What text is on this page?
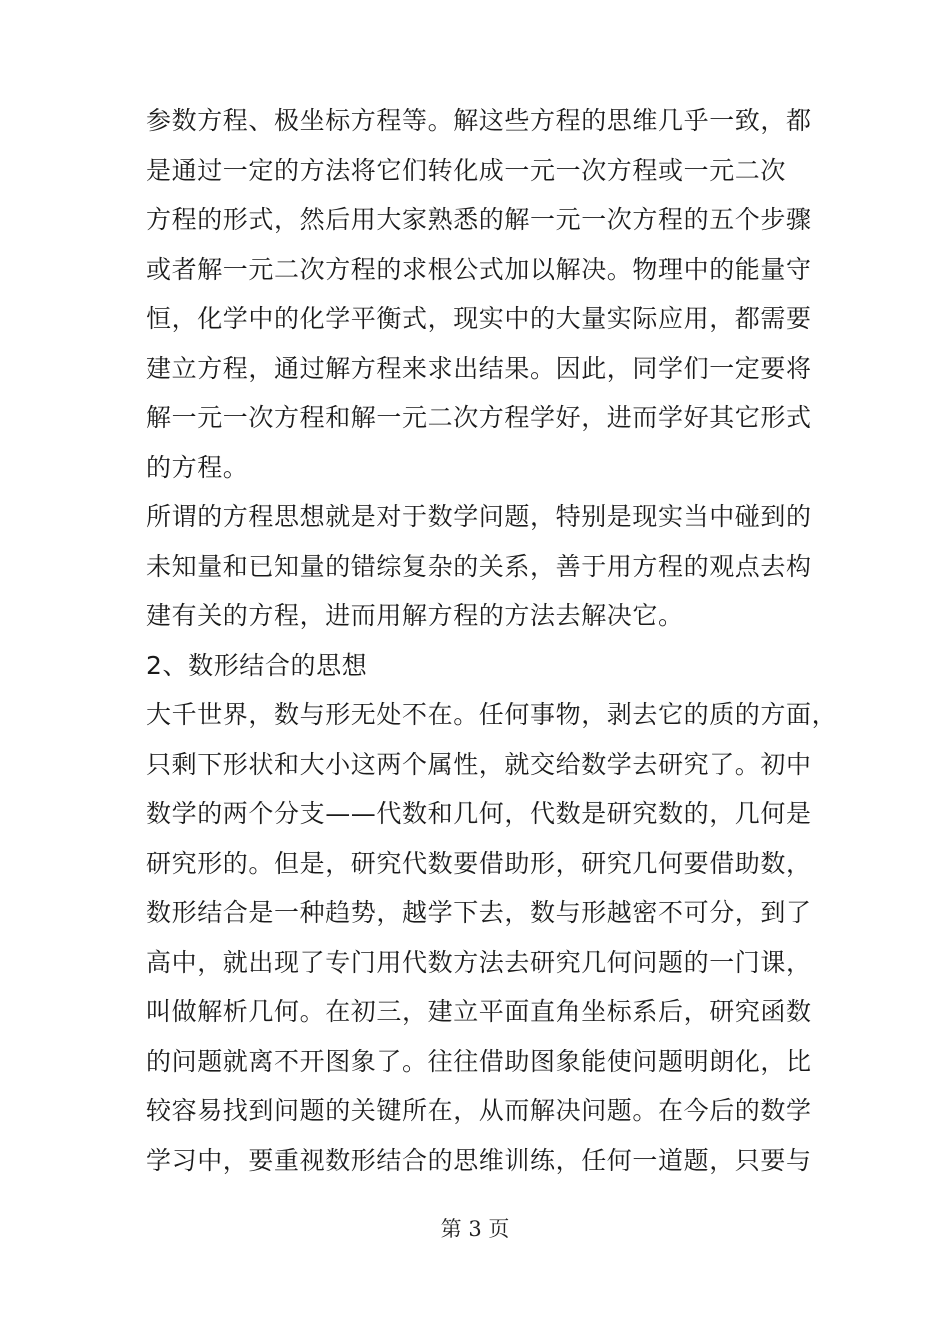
参数方程、极坐标方程等。解这些方程的思维几乎一致，都
是通过一定的方法将它们转化成一元一次方程或一元二次
方程的形式，然后用大家熟悉的解一元一次方程的五个步骤
或者解一元二次方程的求根公式加以解决。物理中的能量守
恒，化学中的化学平衡式，现实中的大量实际应用，都需要
建立方程，通过解方程来求出结果。因此，同学们一定要将
解一元一次方程和解一元二次方程学好，进而学好其它形式
的方程。
所谓的方程思想就是对于数学问题，特别是现实当中碰到的
未知量和已知量的错综复杂的关系，善于用方程的观点去构
建有关的方程，进而用解方程的方法去解决它。
2、数形结合的思想
大千世界，数与形无处不在。任何事物，剥去它的质的方面，
只剩下形状和大小这两个属性，就交给数学去研究了。初中
数学的两个分支——代数和几何，代数是研究数的，几何是
研究形的。但是，研究代数要借助形，研究几何要借助数，
数形结合是一种趋势，越学下去，数与形越密不可分，到了
高中，就出现了专门用代数方法去研究几何问题的一门课，
叫做解析几何。在初三，建立平面直角坐标系后，研究函数
的问题就离不开图象了。往往借助图象能使问题明朗化，比
较容易找到问题的关键所在，从而解决问题。在今后的数学
学习中，要重视数形结合的思维训练，任何一道题，只要与
第 3 页
